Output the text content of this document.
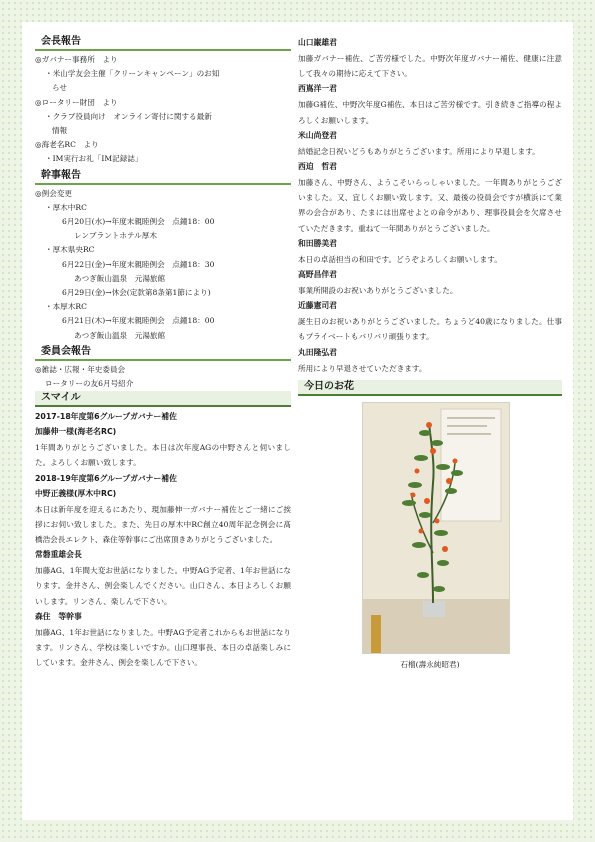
会長報告

◎ガバナー事務所　より

・米山学友会主催「クリーンキャンペーン」のお知

らせ

◎ロータリー財団　より

・クラブ役員向け　オンライン寄付に関する最新

情報

◎海老名RC　より

・IM実行お礼「IM記録誌」

幹事報告

◎例会変更

・厚木中RC

6月20日(水)→年度末親睦例会　点鐘18：00

レンブラントホテル厚木

・厚木県央RC

6月22日(金)→年度末親睦例会　点鐘18：30

あつぎ飯山温泉　元湯旅館

6月29日(金)→休会(定款第8条第1節により)

・本厚木RC

6月21日(木)→年度末親睦例会　点鐘18：00

あつぎ飯山温泉　元湯旅館

委員会報告

◎雑誌・広報・年史委員会

ロータリーの友6月号紹介

スマイル

2017-18年度第6グループガバナー補佐

加藤伸一様(海老名RC)

1年間ありがとうございました。本日は次年度AGの中野さんと伺いました。よろしくお願い致します。

2018-19年度第6グループガバナー補佐

中野正義様(厚木中RC)

本日は新年度を迎えるにあたり、現加藤伸一ガバナー補佐とご一緒にご挨拶にお伺い致しました。また、先日の厚木中RC創立40周年記念例会に髙橋浩会長エレクト、森住等幹事にご出席頂きありがとうございました。

常磐重雄会長

加藤AG、1年間大変お世話になりました。中野AG予定者、1年お世話になります。金井さん、例会楽しんでください。山口さん、本日よろしくお願いします。リンさん、楽しんで下さい。

森住　等幹事

加藤AG、1年お世話になりました。中野AG予定者これからもお世話になります。リンさん、学校は楽しいですか。山口理事長、本日の卓話楽しみにしています。金井さん、例会を楽しんで下さい。

山口巌雄君

加藤ガバナー補佐、ご苦労様でした。中野次年度ガバナー補佐、健康に注意して我々の期待に応えて下さい。

西嶌洋一君

加藤G補佐、中野次年度G補佐、本日はご苦労様です。引き続きご指導の程よろしくお願いします。

米山尚登君

結婚記念日祝いどうもありがとうございます。所用により早退します。

西迫　哲君

加藤さん、中野さん、ようこそいらっしゃいました。一年間ありがとうございました。又、宜しくお願い致します。又、最後の役員会ですが横浜にて業界の会合があり、たまには出席せよとの命令があり、理事役員会を欠席させていただきます。重ねて一年間ありがとうございました。

和田勝美君

本日の卓話担当の和田です。どうぞよろしくお願いします。

高野昌伴君

事業所開設のお祝いありがとうございました。

近藤憲司君

誕生日のお祝いありがとうございました。ちょうど40歳になりました。仕事もプライベートもバリバリ頑張ります。

丸田隆弘君

所用により早退させていただきます。

今日のお花
石榴(壽永純昭君)
